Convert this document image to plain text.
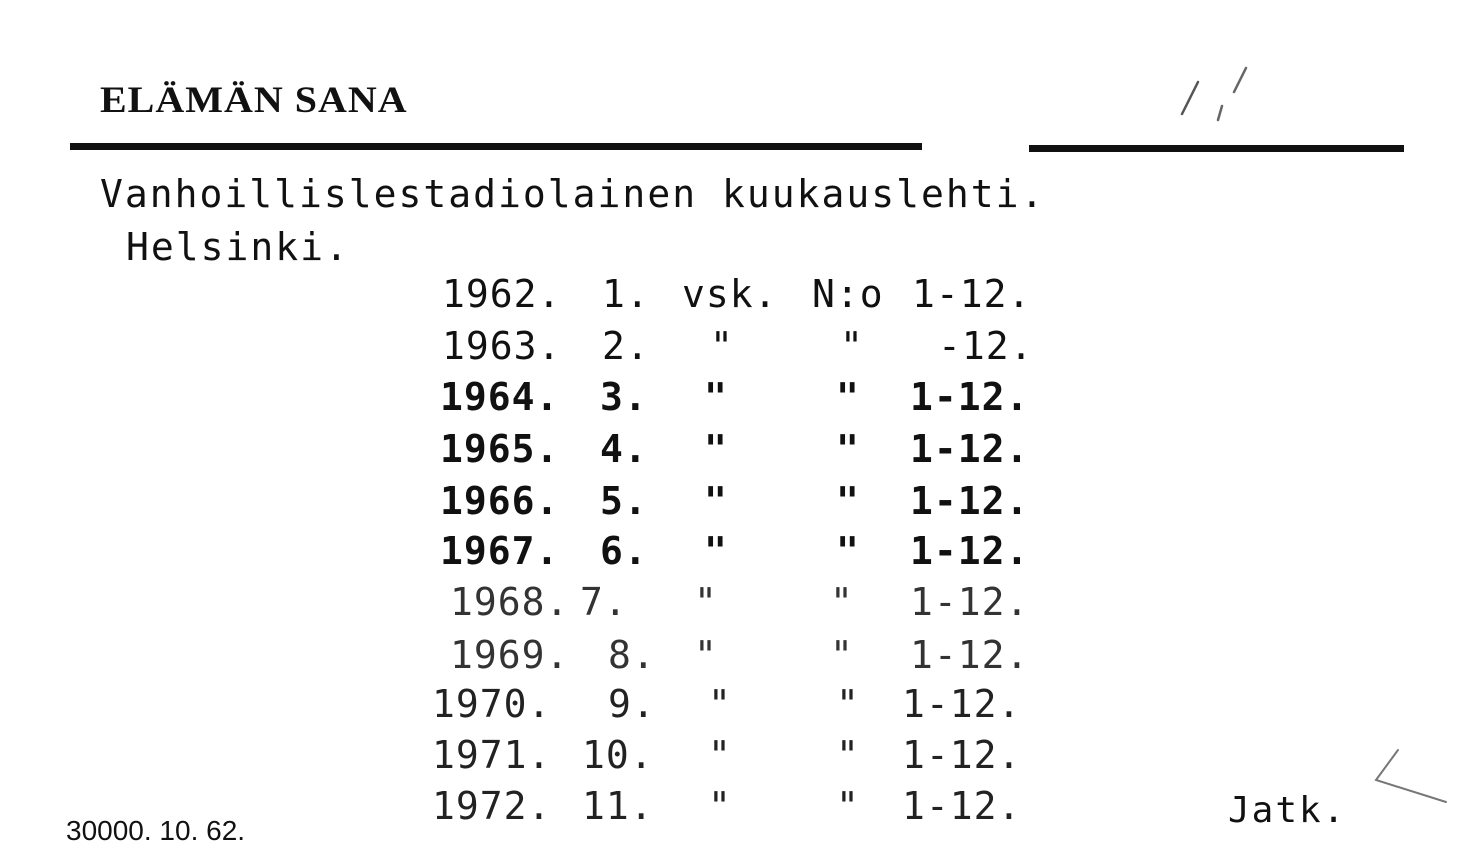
ELÄMÄN SANA
Vanhoillislestadiolainen kuukauslehti.
Helsinki.
1962. 1. vsk. N:o 1-12.
1963. 2. "	" -12.
1964. 3. "	" 1-12.
1965. 4. "	" 1-12.
1966. 5. "	" 1-12.
1967. 6. "	" 1-12.
1968. 7. "	" 1-12.
1969. 8. "	" 1-12.
1970. 9. "	" 1-12.
1971. 10. "	" 1-12.
1972. 11. "	" 1-12.
30000. 10. 62.	Jatk.
